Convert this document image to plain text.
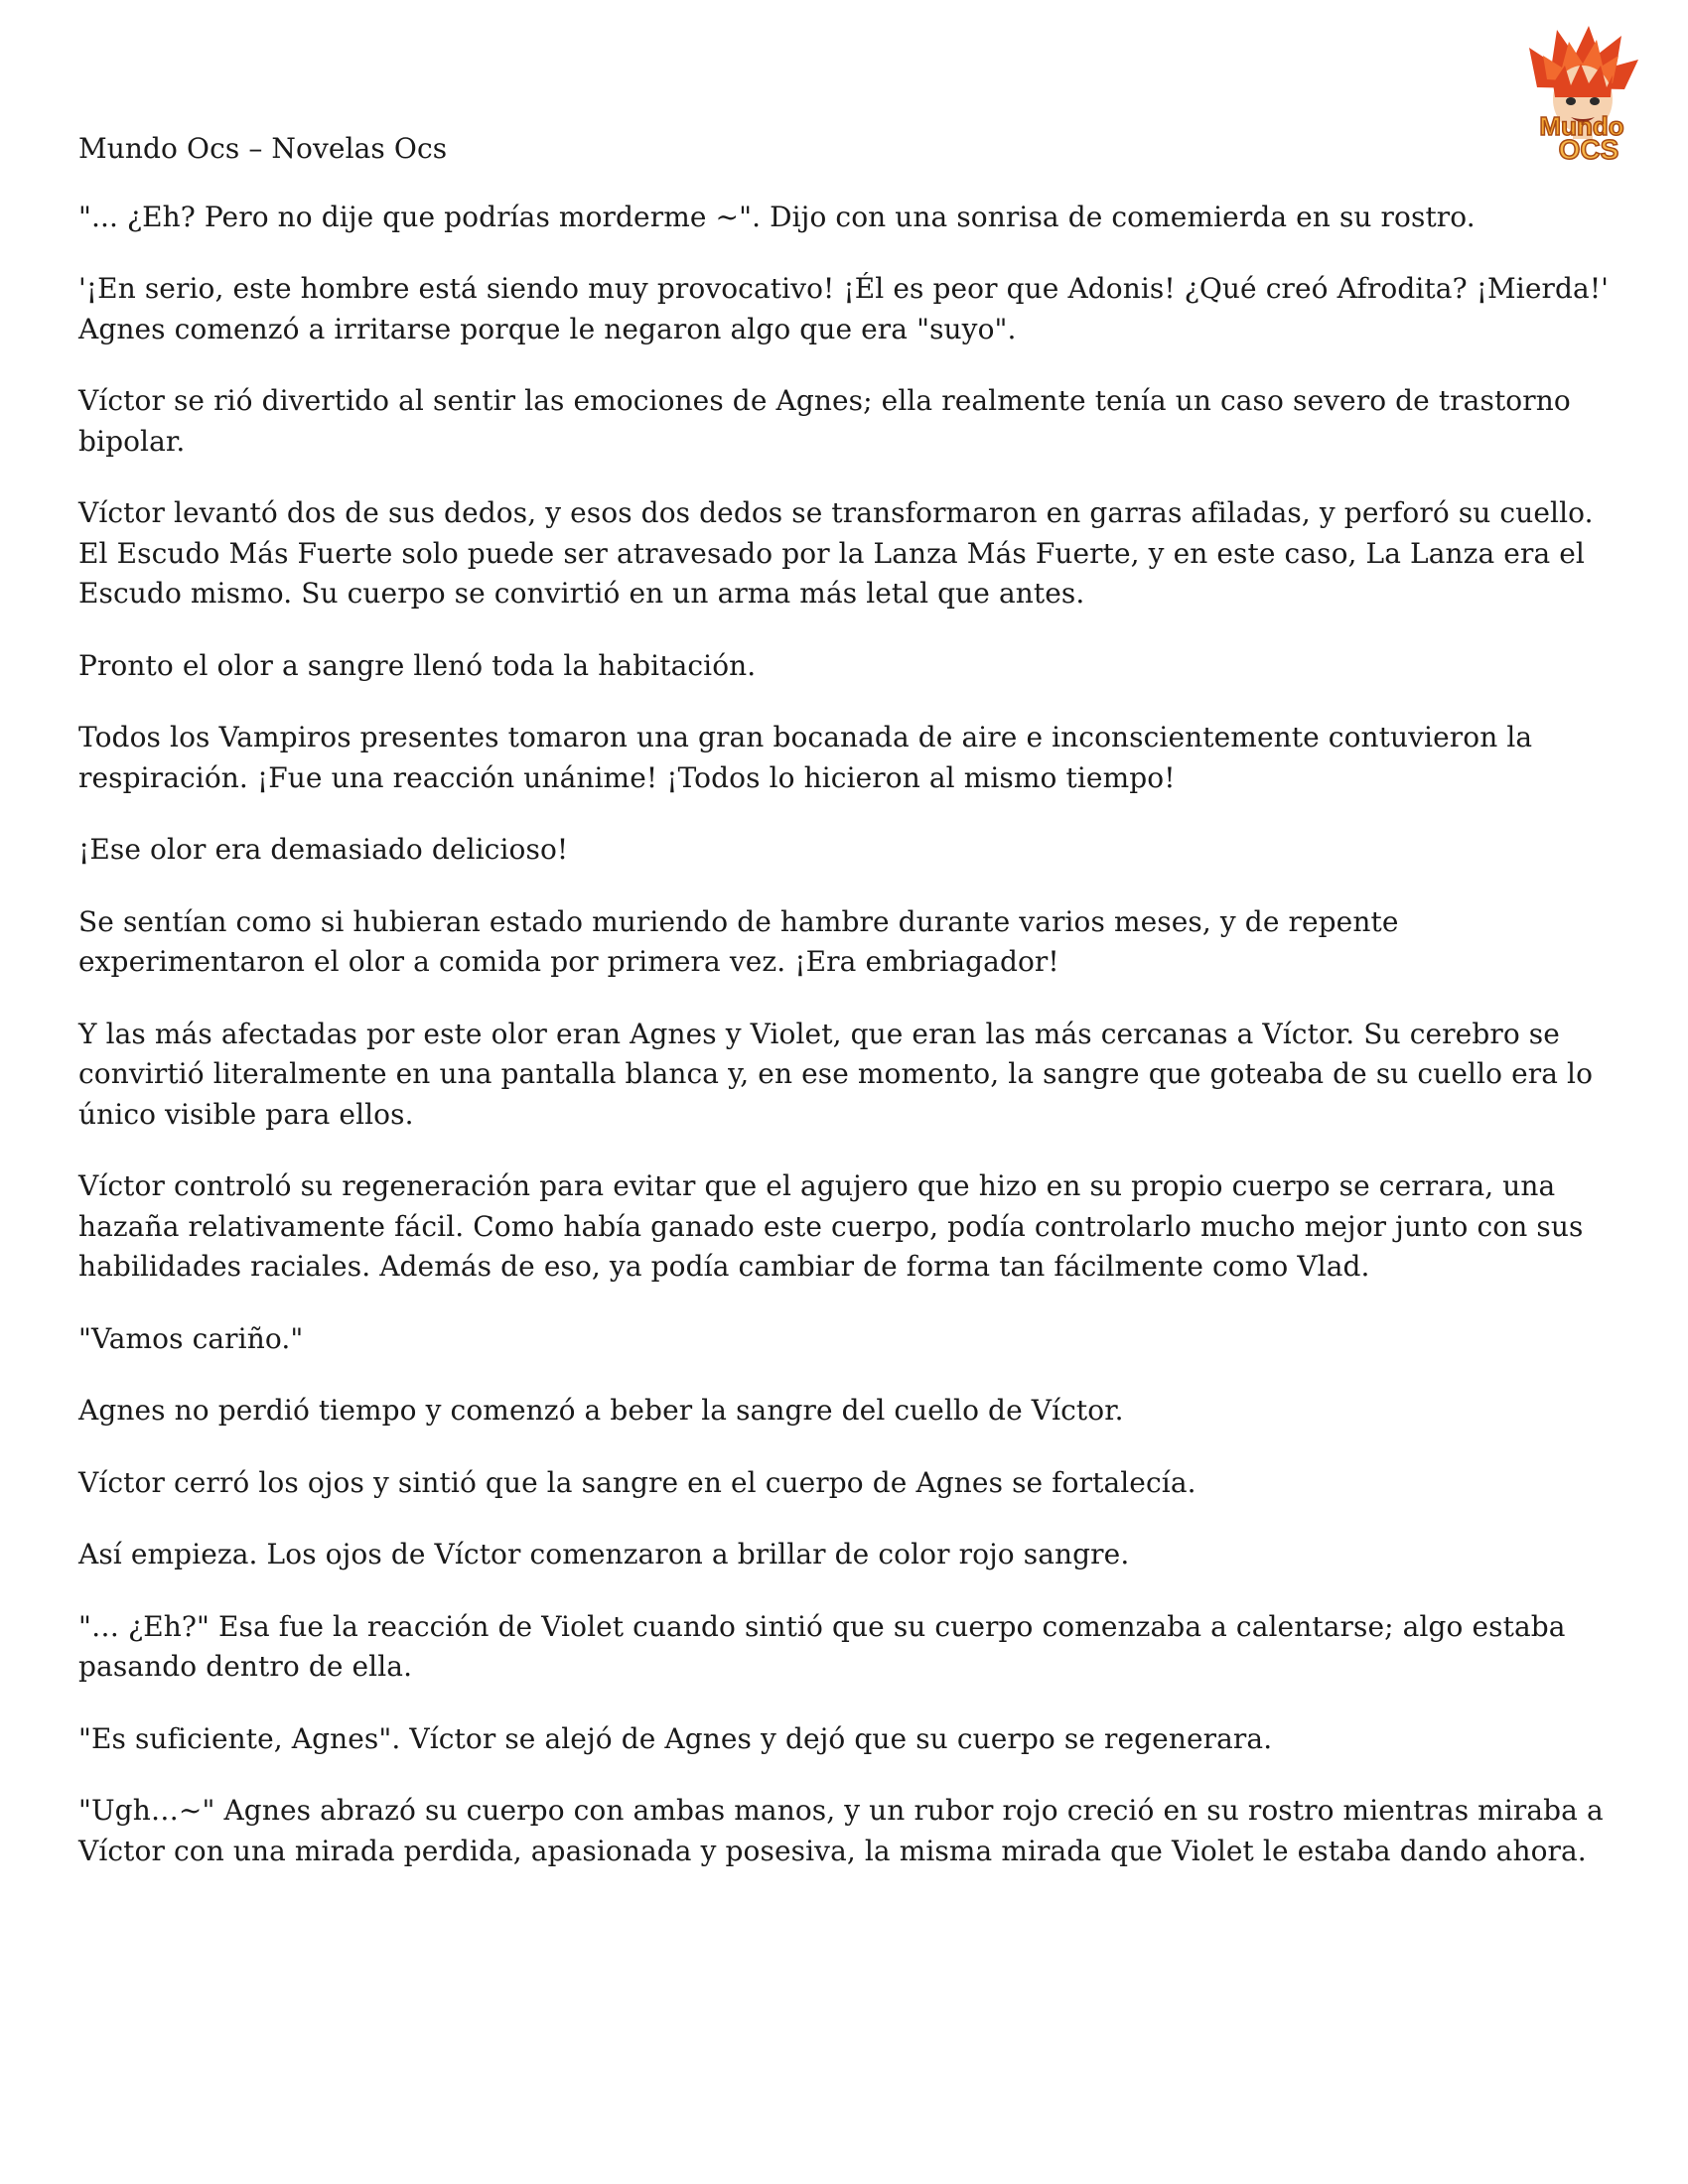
Mundo
OCS
Mundo Ocs – Novelas Ocs

"... ¿Eh? Pero no dije que podrías morderme ~". Dijo con una sonrisa de comemierda en su rostro.

'¡En serio, este hombre está siendo muy provocativo! ¡Él es peor que Adonis! ¿Qué creó Afrodita? ¡Mierda!' Agnes comenzó a irritarse porque le negaron algo que era "suyo".

Víctor se rió divertido al sentir las emociones de Agnes; ella realmente tenía un caso severo de trastorno bipolar.

Víctor levantó dos de sus dedos, y esos dos dedos se transformaron en garras afiladas, y perforó su cuello. El Escudo Más Fuerte solo puede ser atravesado por la Lanza Más Fuerte, y en este caso, La Lanza era el Escudo mismo. Su cuerpo se convirtió en un arma más letal que antes.

Pronto el olor a sangre llenó toda la habitación.

Todos los Vampiros presentes tomaron una gran bocanada de aire e inconscientemente contuvieron la respiración. ¡Fue una reacción unánime! ¡Todos lo hicieron al mismo tiempo!

¡Ese olor era demasiado delicioso!

Se sentían como si hubieran estado muriendo de hambre durante varios meses, y de repente experimentaron el olor a comida por primera vez. ¡Era embriagador!

Y las más afectadas por este olor eran Agnes y Violet, que eran las más cercanas a Víctor. Su cerebro se convirtió literalmente en una pantalla blanca y, en ese momento, la sangre que goteaba de su cuello era lo único visible para ellos.

Víctor controló su regeneración para evitar que el agujero que hizo en su propio cuerpo se cerrara, una hazaña relativamente fácil. Como había ganado este cuerpo, podía controlarlo mucho mejor junto con sus habilidades raciales. Además de eso, ya podía cambiar de forma tan fácilmente como Vlad.

"Vamos cariño."

Agnes no perdió tiempo y comenzó a beber la sangre del cuello de Víctor.

Víctor cerró los ojos y sintió que la sangre en el cuerpo de Agnes se fortalecía.

Así empieza. Los ojos de Víctor comenzaron a brillar de color rojo sangre.

"… ¿Eh?" Esa fue la reacción de Violet cuando sintió que su cuerpo comenzaba a calentarse; algo estaba pasando dentro de ella.

"Es suficiente, Agnes". Víctor se alejó de Agnes y dejó que su cuerpo se regenerara.

"Ugh…~" Agnes abrazó su cuerpo con ambas manos, y un rubor rojo creció en su rostro mientras miraba a Víctor con una mirada perdida, apasionada y posesiva, la misma mirada que Violet le estaba dando ahora.
